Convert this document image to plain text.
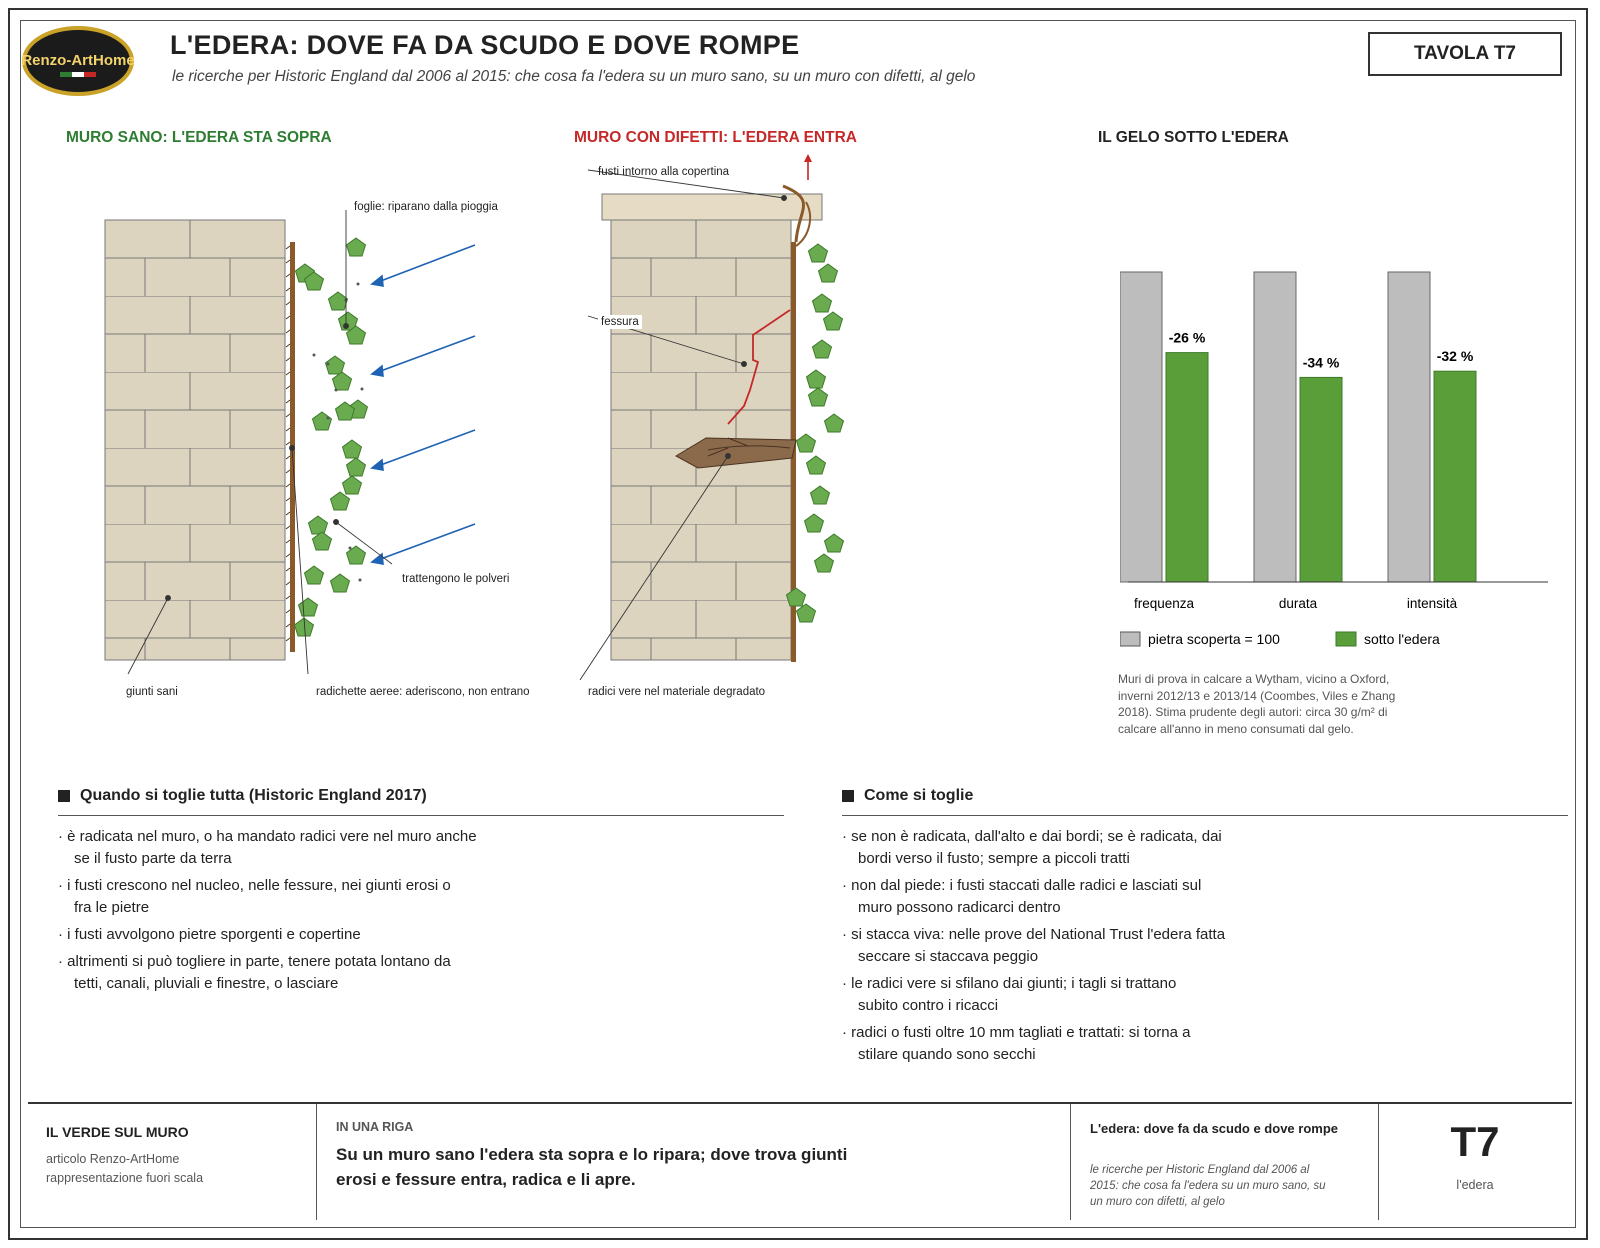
Renzo-ArtHome
L'EDERA: DOVE FA DA SCUDO E DOVE ROMPE
le ricerche per Historic England dal 2006 al 2015: che cosa fa l'edera su un muro sano, su un muro con difetti, al gelo
TAVOLA T7
MURO SANO: L'EDERA STA SOPRA	MURO CON DIFETTI: L'EDERA ENTRA	IL GELO SOTTO L'EDERA
foglie: riparano dalla pioggia
trattengono le polveri
giunti sani	radichette aeree: aderiscono, non entrano
fusti intorno alla copertina
fessura
radici vere nel materiale degradato
-26 %
-34 %	-32 %
frequenza	durata	intensità
pietra scoperta = 100	sotto l'edera
Muri di prova in calcare a Wytham, vicino a Oxford, inverni 2012/13 e 2013/14 (Coombes, Viles e Zhang 2018). Stima prudente degli autori: circa 30 g/m² di calcare all'anno in meno consumati dal gelo.
Quando si toglie tutta (Historic England 2017)
· è radicata nel muro, o ha mandato radici vere nel muro anche
se il fusto parte da terra
· i fusti crescono nel nucleo, nelle fessure, nei giunti erosi o
fra le pietre
· i fusti avvolgono pietre sporgenti e copertine
· altrimenti si può togliere in parte, tenere potata lontano da
tetti, canali, pluviali e finestre, o lasciare
Come si toglie
· se non è radicata, dall'alto e dai bordi; se è radicata, dai
bordi verso il fusto; sempre a piccoli tratti
· non dal piede: i fusti staccati dalle radici e lasciati sul
muro possono radicarci dentro
· si stacca viva: nelle prove del National Trust l'edera fatta
seccare si staccava peggio
· le radici vere si sfilano dai giunti; i tagli si trattano
subito contro i ricacci
· radici o fusti oltre 10 mm tagliati e trattati: si torna a
stilare quando sono secchi
IL VERDE SUL MURO
articolo Renzo-ArtHome
rappresentazione fuori scala
IN UNA RIGA
Su un muro sano l'edera sta sopra e lo ripara; dove trova giunti erosi e fessure entra, radica e li apre.
L'edera: dove fa da scudo e dove rompe
le ricerche per Historic England dal 2006 al 2015: che cosa fa l'edera su un muro sano, su un muro con difetti, al gelo
T7
l'edera
